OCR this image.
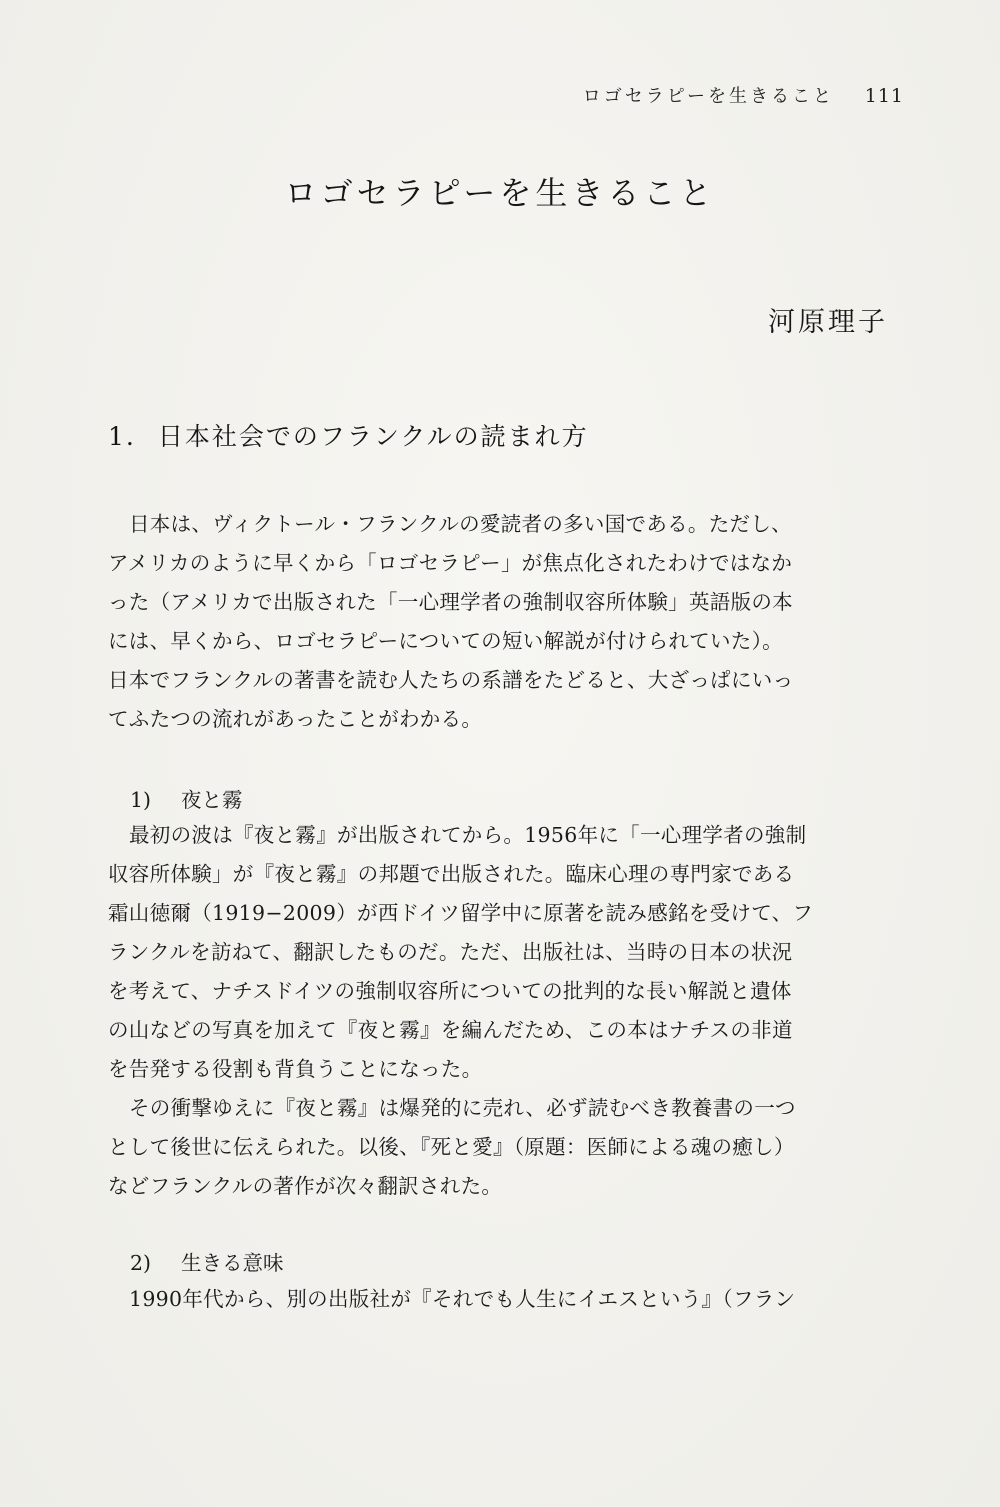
ロゴセラピーを生きること 111
ロゴセラピーを生きること
河原理子
1. 日本社会でのフランクルの読まれ方

日本は、ヴィクトール・フランクルの愛読者の多い国である。ただし、

アメリカのように早くから「ロゴセラピー」が焦点化されたわけではなか

った（アメリカで出版された「一心理学者の強制収容所体験」英語版の本

には、早くから、ロゴセラピーについての短い解説が付けられていた）。

日本でフランクルの著書を読む人たちの系譜をたどると、大ざっぱにいっ

てふたつの流れがあったことがわかる。

1) 夜と霧

最初の波は『夜と霧』が出版されてから。1956年に「一心理学者の強制

収容所体験」が『夜と霧』の邦題で出版された。臨床心理の専門家である

霜山徳爾（1919−2009）が西ドイツ留学中に原著を読み感銘を受けて、フ

ランクルを訪ねて、翻訳したものだ。ただ、出版社は、当時の日本の状況

を考えて、ナチスドイツの強制収容所についての批判的な長い解説と遺体

の山などの写真を加えて『夜と霧』を編んだため、この本はナチスの非道

を告発する役割も背負うことになった。

その衝撃ゆえに『夜と霧』は爆発的に売れ、必ず読むべき教養書の一つ

として後世に伝えられた。以後、『死と愛』（原題：医師による魂の癒し）

などフランクルの著作が次々翻訳された。

2) 生きる意味

1990年代から、別の出版社が『それでも人生にイエスという』（フラン
